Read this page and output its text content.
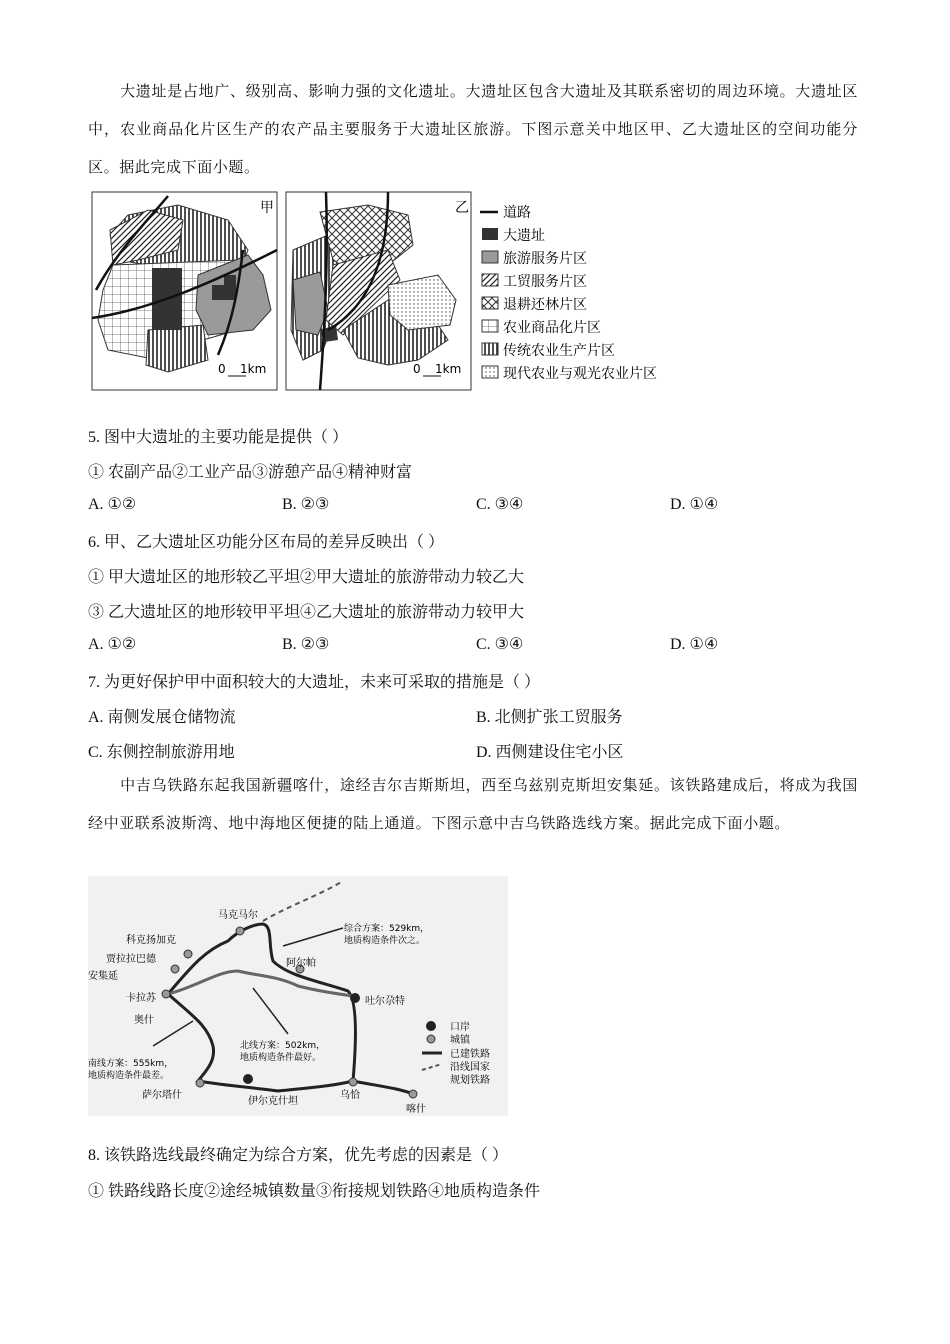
大遗址是占地广、级别高、影响力强的文化遗址。大遗址区包含大遗址及其联系密切的周边环境。大遗址区中，农业商品化片区生产的农产品主要服务于大遗址区旅游。下图示意关中地区甲、乙大遗址区的空间功能分区。据此完成下面小题。
甲
0 1km
乙
0 1km
道路
大遗址
旅游服务片区
工贸服务片区
退耕还林片区
农业商品化片区
传统农业生产片区
现代农业与观光农业片区
5. 图中大遗址的主要功能是提供（ ）
① 农副产品②工业产品③游憩产品④精神财富
A. ①②	B. ②③	C. ③④	D. ①④
6. 甲、乙大遗址区功能分区布局的差异反映出（ ）
① 甲大遗址区的地形较乙平坦②甲大遗址的旅游带动力较乙大
③ 乙大遗址区的地形较甲平坦④乙大遗址的旅游带动力较甲大
A. ①②	B. ②③	C. ③④	D. ①④
7. 为更好保护甲中面积较大的大遗址，未来可采取的措施是（ ）
A. 南侧发展仓储物流	B. 北侧扩张工贸服务
C. 东侧控制旅游用地	D. 西侧建设住宅小区
中吉乌铁路东起我国新疆喀什，途经吉尔吉斯斯坦，西至乌兹别克斯坦安集延。该铁路建成后，将成为我国经中亚联系波斯湾、地中海地区便捷的陆上通道。下图示意中吉乌铁路选线方案。据此完成下面小题。
马克马尔
科克扬加克
贾拉拉巴德
安集延
卡拉苏
奥什
阿尔帕
吐尔尕特
萨尔塔什
伊尔克什坦
乌恰
喀什
综合方案：529km，
地质构造条件次之。
北线方案：502km，
地质构造条件最好。
南线方案：555km，
地质构造条件最差。
口岸
城镇
已建铁路
沿线国家
规划铁路
8. 该铁路选线最终确定为综合方案，优先考虑的因素是（ ）
① 铁路线路长度②途经城镇数量③衔接规划铁路④地质构造条件
